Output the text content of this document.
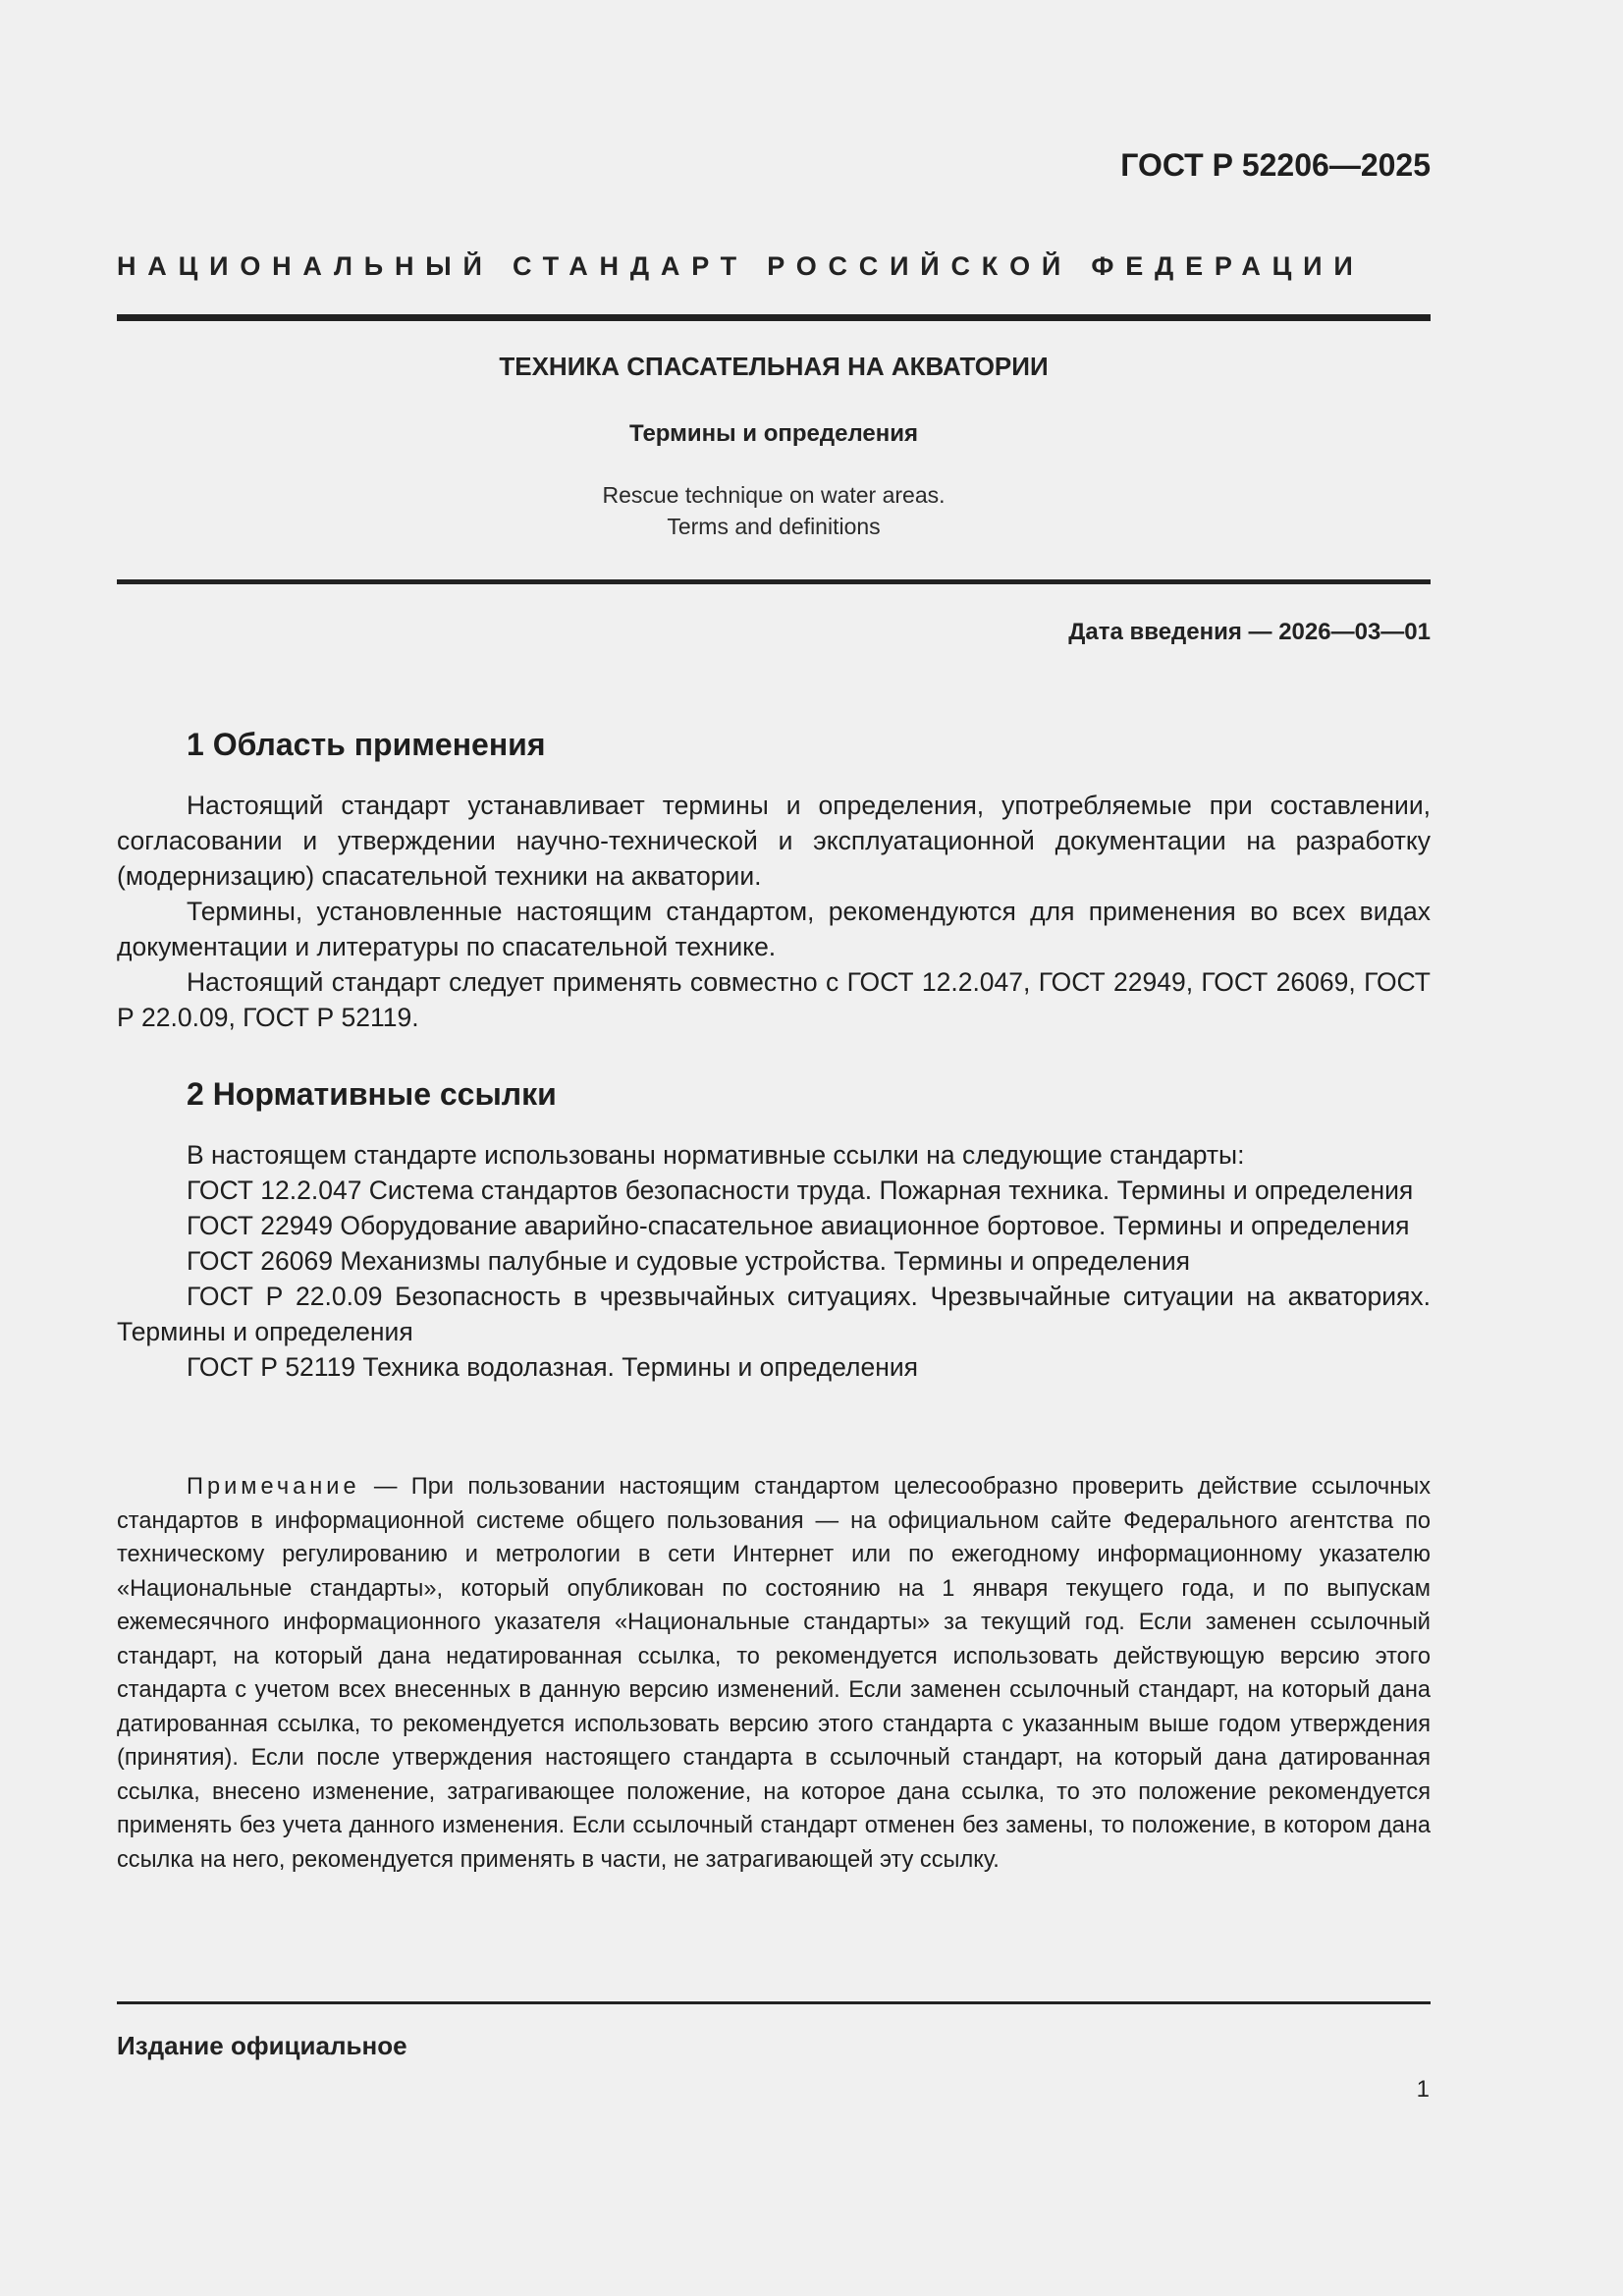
ГОСТ Р 52206—2025
НАЦИОНАЛЬНЫЙ СТАНДАРТ РОССИЙСКОЙ ФЕДЕРАЦИИ
ТЕХНИКА СПАСАТЕЛЬНАЯ НА АКВАТОРИИ
Термины и определения
Rescue technique on water areas.
Terms and definitions
Дата введения — 2026—03—01
1 Область применения

Настоящий стандарт устанавливает термины и определения, употребляемые при составлении, согласовании и утверждении научно-технической и эксплуатационной документации на разработку (модернизацию) спасательной техники на акватории.

Термины, установленные настоящим стандартом, рекомендуются для применения во всех видах документации и литературы по спасательной технике.

Настоящий стандарт следует применять совместно с ГОСТ 12.2.047, ГОСТ 22949, ГОСТ 26069, ГОСТ Р 22.0.09, ГОСТ Р 52119.

2 Нормативные ссылки

В настоящем стандарте использованы нормативные ссылки на следующие стандарты:

ГОСТ 12.2.047 Система стандартов безопасности труда. Пожарная техника. Термины и определения

ГОСТ 22949 Оборудование аварийно-спасательное авиационное бортовое. Термины и определения

ГОСТ 26069 Механизмы палубные и судовые устройства. Термины и определения

ГОСТ Р 22.0.09 Безопасность в чрезвычайных ситуациях. Чрезвычайные ситуации на акваториях. Термины и определения

ГОСТ Р 52119 Техника водолазная. Термины и определения

Примечание — При пользовании настоящим стандартом целесообразно проверить действие ссылочных стандартов в информационной системе общего пользования — на официальном сайте Федерального агентства по техническому регулированию и метрологии в сети Интернет или по ежегодному информационному указателю «Национальные стандарты», который опубликован по состоянию на 1 января текущего года, и по выпускам ежемесячного информационного указателя «Национальные стандарты» за текущий год. Если заменен ссылочный стандарт, на который дана недатированная ссылка, то рекомендуется использовать действующую версию этого стандарта с учетом всех внесенных в данную версию изменений. Если заменен ссылочный стандарт, на который дана датированная ссылка, то рекомендуется использовать версию этого стандарта с указанным выше годом утверждения (принятия). Если после утверждения настоящего стандарта в ссылочный стандарт, на который дана датированная ссылка, внесено изменение, затрагивающее положение, на которое дана ссылка, то это положение рекомендуется применять без учета данного изменения. Если ссылочный стандарт отменен без замены, то положение, в котором дана ссылка на него, рекомендуется применять в части, не затрагивающей эту ссылку.

Издание официальное
1
